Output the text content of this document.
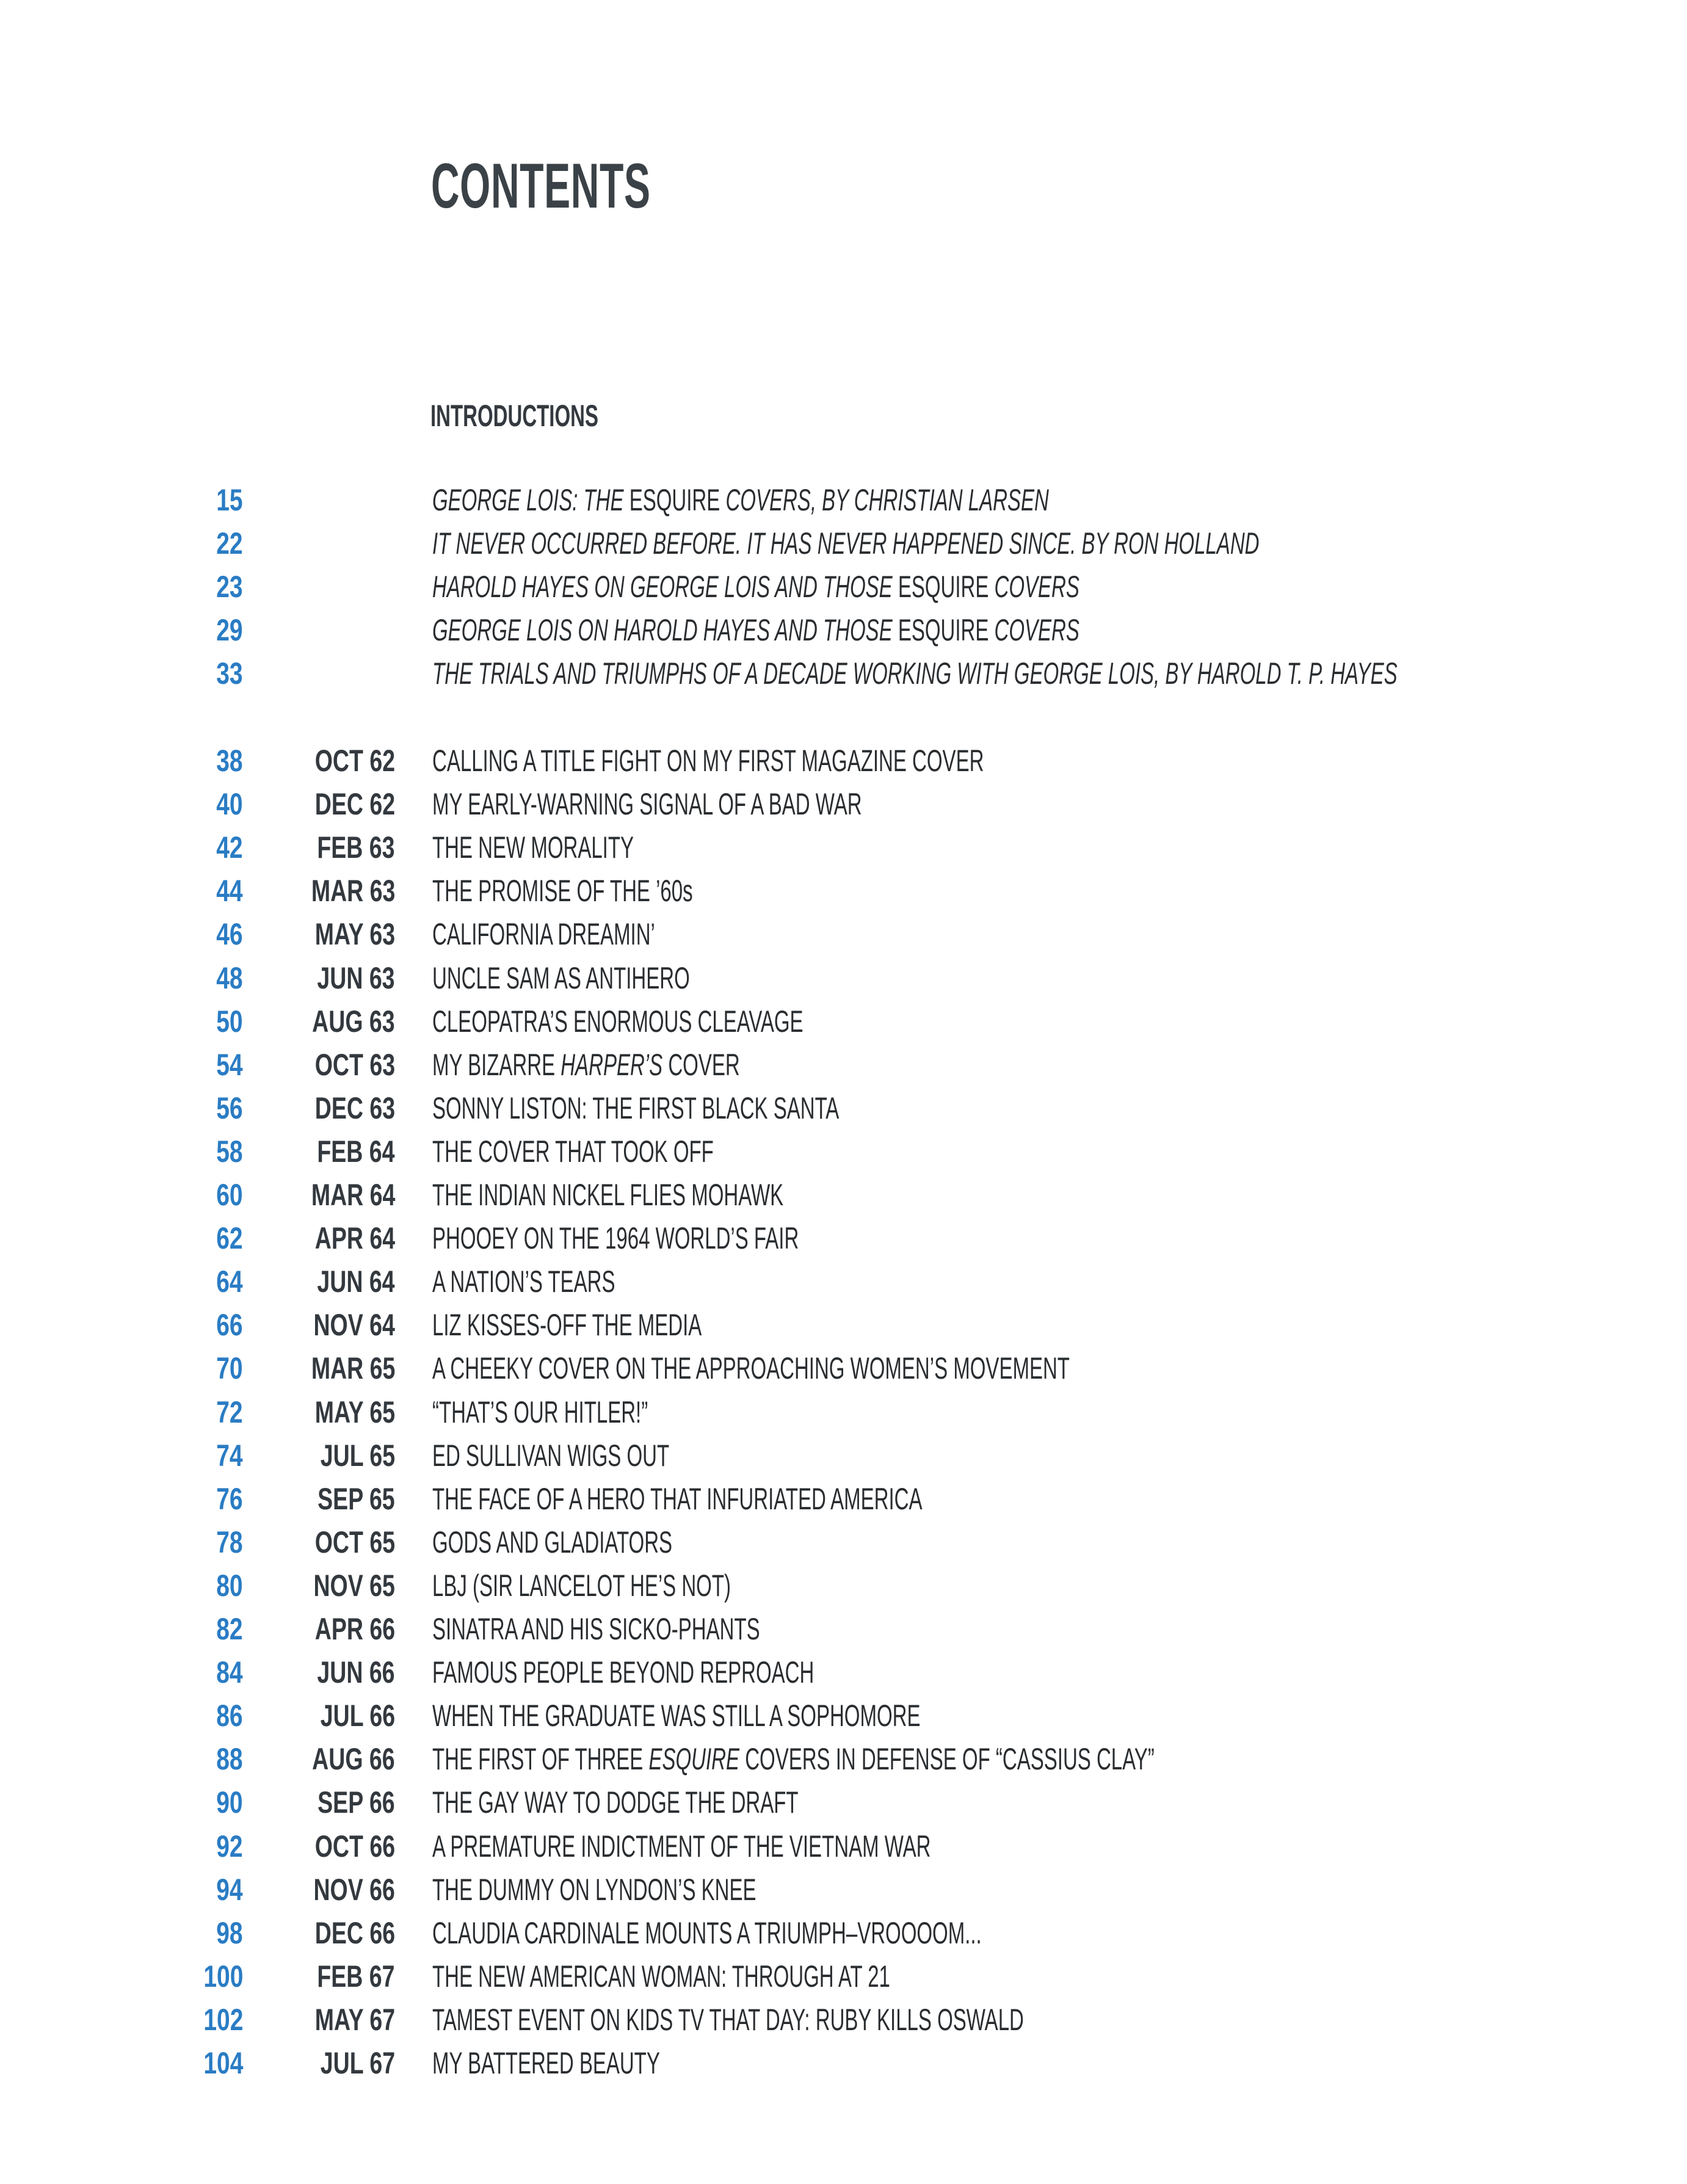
CONTENTS
INTRODUCTIONS
15	GEORGE LOIS: THE ESQUIRE COVERS, BY CHRISTIAN LARSEN
22	IT NEVER OCCURRED BEFORE. IT HAS NEVER HAPPENED SINCE. BY RON HOLLAND
23	HAROLD HAYES ON GEORGE LOIS AND THOSE ESQUIRE COVERS
29	GEORGE LOIS ON HAROLD HAYES AND THOSE ESQUIRE COVERS
33	THE TRIALS AND TRIUMPHS OF A DECADE WORKING WITH GEORGE LOIS, BY HAROLD T. P. HAYES
38 OCT 62 CALLING A TITLE FIGHT ON MY FIRST MAGAZINE COVER
40 DEC 62 MY EARLY-WARNING SIGNAL OF A BAD WAR
42 FEB 63 THE NEW MORALITY
44 MAR 63 THE PROMISE OF THE ’60s
46 MAY 63 CALIFORNIA DREAMIN’
48 JUN 63 UNCLE SAM AS ANTIHERO
50 AUG 63 CLEOPATRA’S ENORMOUS CLEAVAGE
54 OCT 63 MY BIZARRE HARPER’S COVER
56 DEC 63 SONNY LISTON: THE FIRST BLACK SANTA
58 FEB 64 THE COVER THAT TOOK OFF
60 MAR 64 THE INDIAN NICKEL FLIES MOHAWK
62 APR 64 PHOOEY ON THE 1964 WORLD’S FAIR
64 JUN 64 A NATION’S TEARS
66 NOV 64 LIZ KISSES-OFF THE MEDIA
70 MAR 65 A CHEEKY COVER ON THE APPROACHING WOMEN’S MOVEMENT
72 MAY 65 “THAT’S OUR HITLER!”
74	JUL 65 ED SULLIVAN WIGS OUT
76 SEP 65 THE FACE OF A HERO THAT INFURIATED AMERICA
78 OCT 65 GODS AND GLADIATORS
80 NOV 65 LBJ (SIR LANCELOT HE’S NOT)
82 APR 66 SINATRA AND HIS SICKO-PHANTS
84 JUN 66 FAMOUS PEOPLE BEYOND REPROACH
86	JUL 66 WHEN THE GRADUATE WAS STILL A SOPHOMORE
88 AUG 66 THE FIRST OF THREE ESQUIRE COVERS IN DEFENSE OF “CASSIUS CLAY”
90 SEP 66 THE GAY WAY TO DODGE THE DRAFT
92 OCT 66 A PREMATURE INDICTMENT OF THE VIETNAM WAR
94 NOV 66 THE DUMMY ON LYNDON’S KNEE
98 DEC 66 CLAUDIA CARDINALE MOUNTS A TRIUMPH–VROOOOM...
100 FEB 67 THE NEW AMERICAN WOMAN: THROUGH AT 21
102 MAY 67 TAMEST EVENT ON KIDS TV THAT DAY: RUBY KILLS OSWALD
104	JUL 67 MY BATTERED BEAUTY
